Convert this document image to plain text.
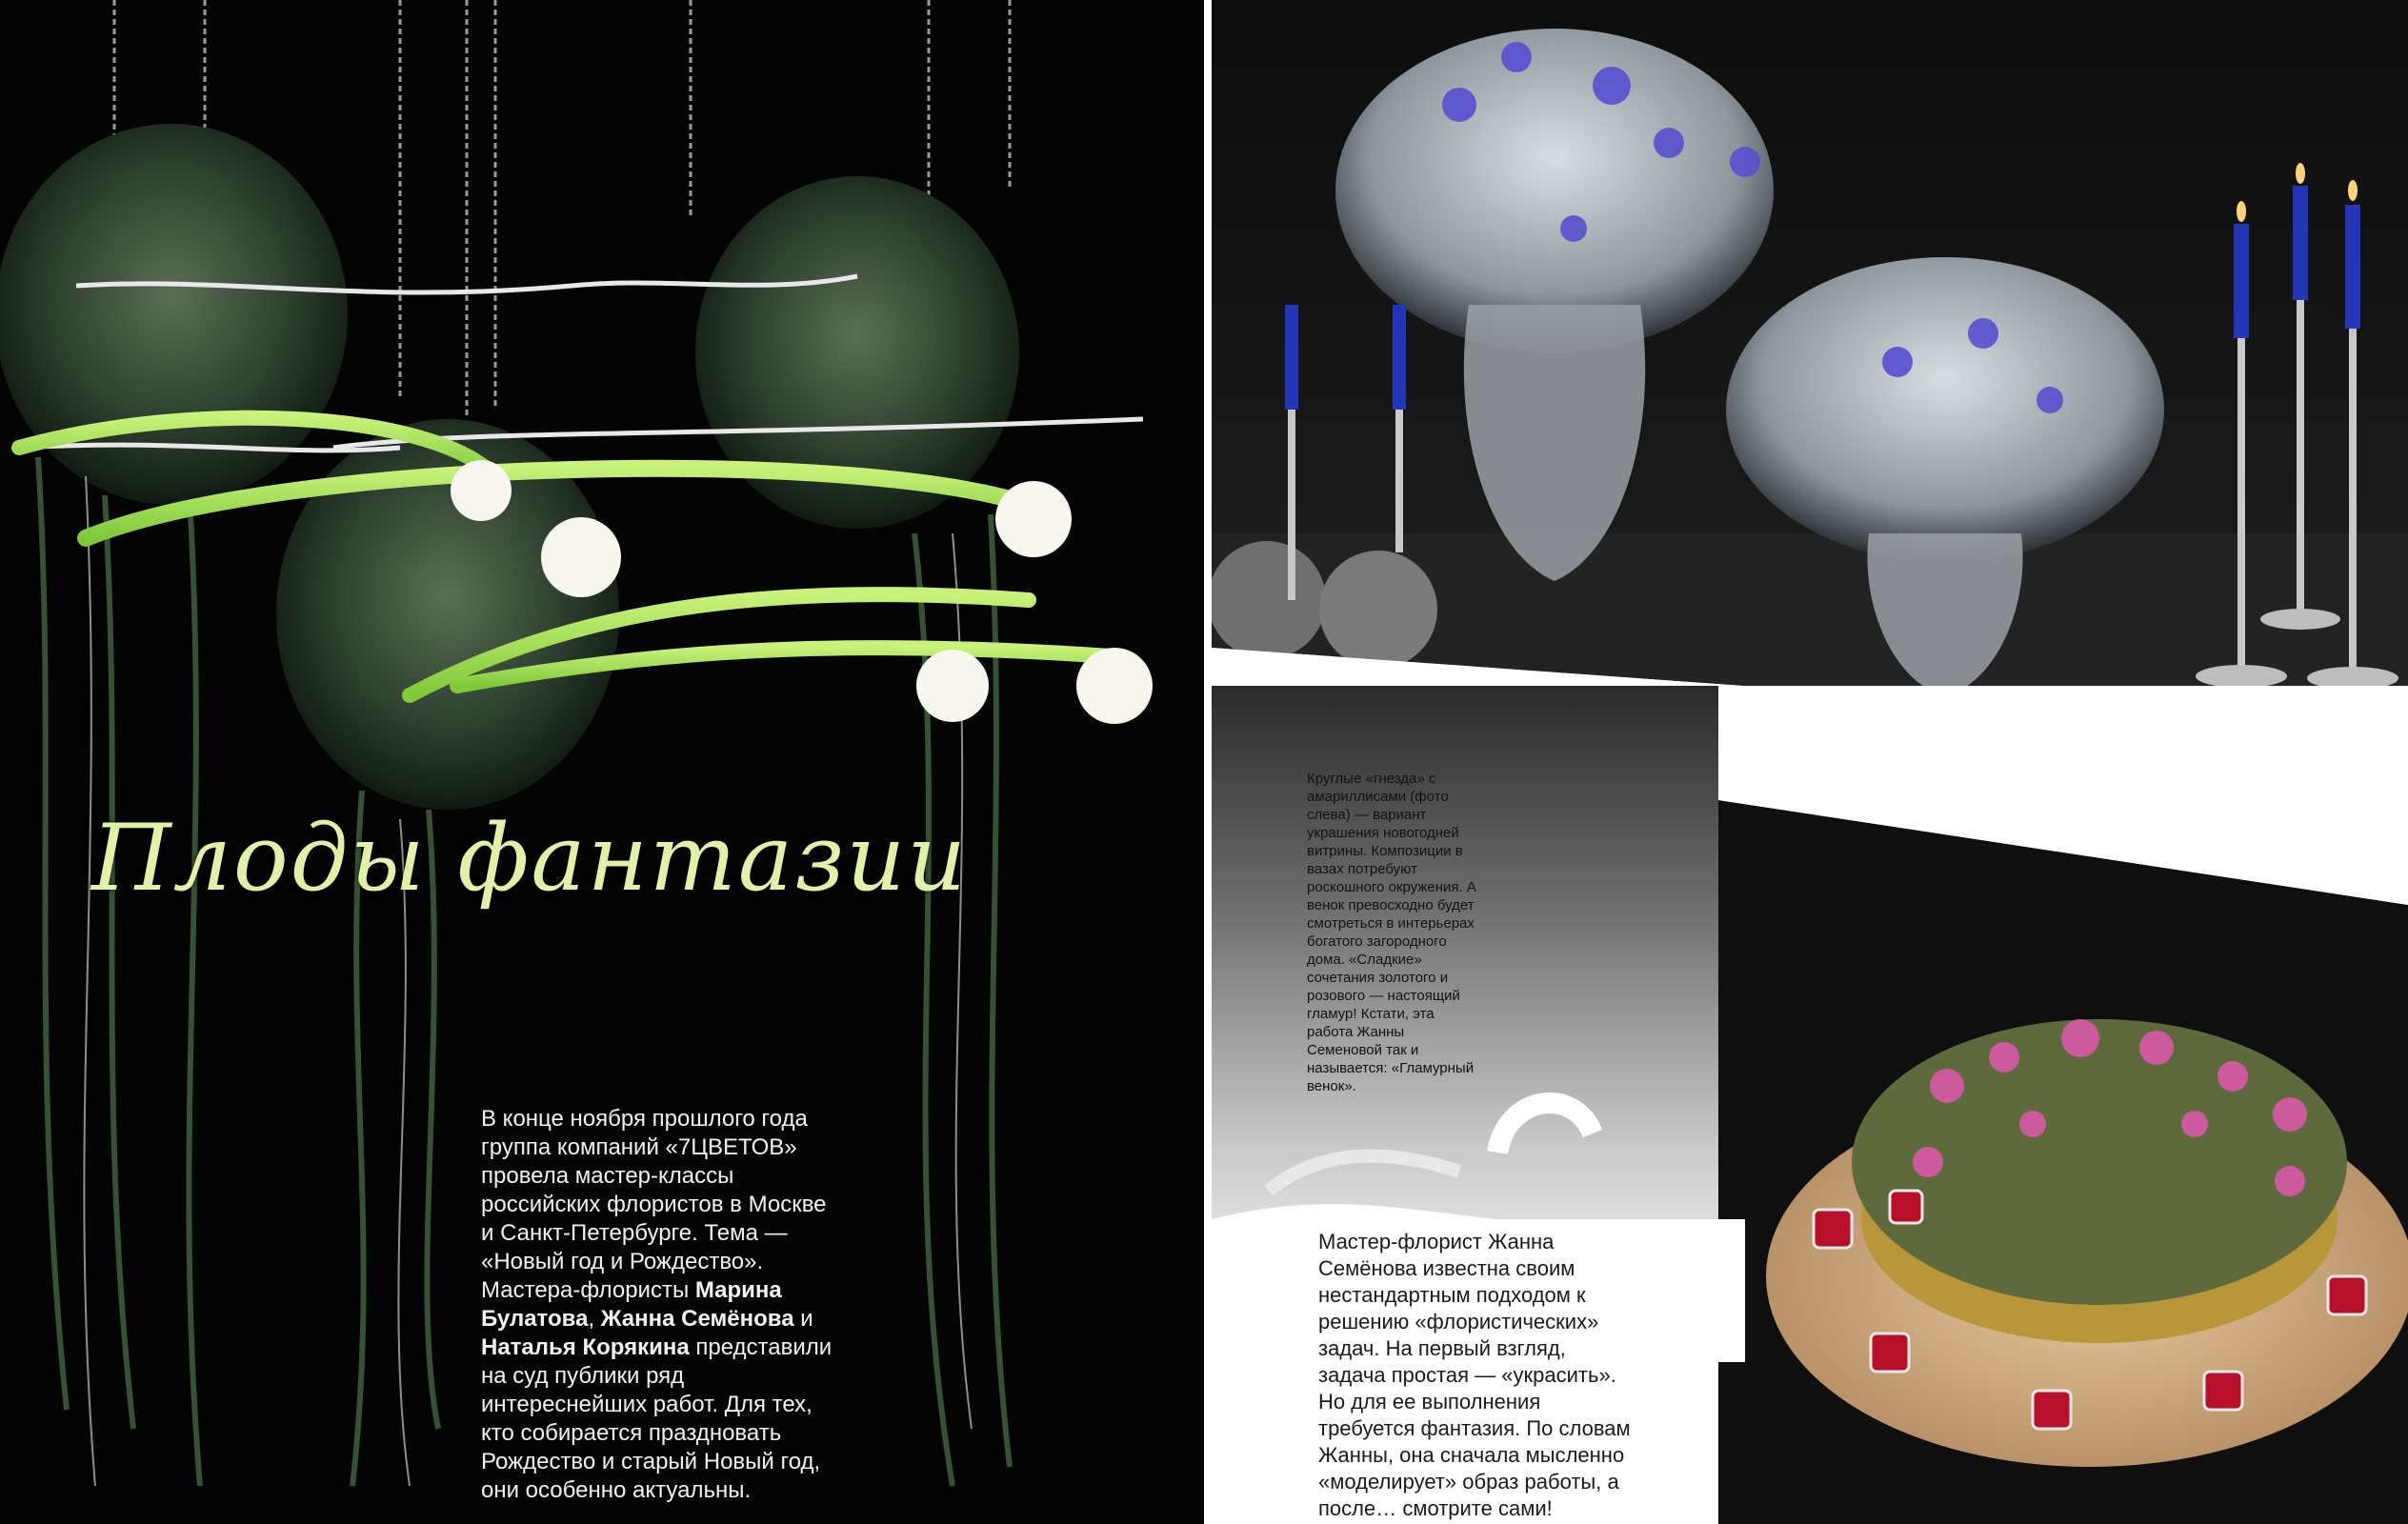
Плоды фантазии

В конце ноября прошлого года группа компаний «7ЦВЕТОВ» провела мастер-классы российских флористов в Москве и Санкт-Петербурге. Тема — «Новый год и Рождество». Мастера-флористы Марина Булатова, Жанна Семёнова и Наталья Корякина представили на суд публики ряд интереснейших работ. Для тех, кто собирается праздновать Рождество и старый Новый год, они особенно актуальны.

Круглые «гнезда» с амариллисами (фото слева) — вариант украшения новогодней витрины. Композиции в вазах потребуют роскошного окружения. А венок превосходно будет смотреться в интерьерах богатого загородного дома. «Сладкие» сочетания золотого и розового — настоящий гламур! Кстати, эта работа Жанны Семеновой так и называется: «Гламурный венок».

Мастер-флорист Жанна Семёнова известна своим нестандартным подходом к решению «флористических» задач. На первый взгляд, задача простая — «украсить». Но для ее выполнения требуется фантазия. По словам Жанны, она сначала мысленно «моделирует» образ работы, а после… смотрите сами!
